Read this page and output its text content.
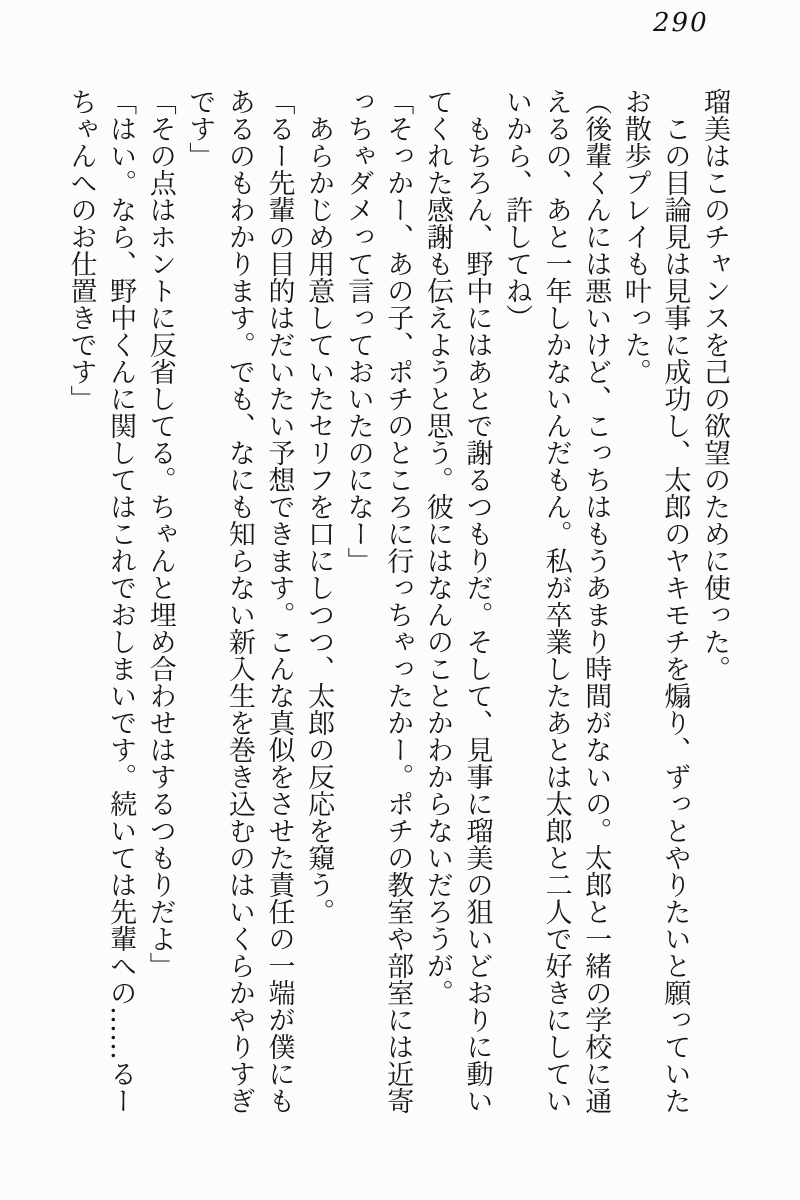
290

瑠美はこのチャンスを己の欲望のために使った。

この目論見は見事に成功し、太郎のヤキモチを煽り、ずっとやりたいと願っていた

お散歩プレイも叶った。

（後輩くんには悪いけど、こっちはもうあまり時間がないの。太郎と一緒の学校に通

えるの、あと一年しかないんだもん。私が卒業したあとは太郎と二人で好きにしてい

いから、許してね）

もちろん、野中にはあとで謝るつもりだ。そして、見事に瑠美の狙いどおりに動い

てくれた感謝も伝えようと思う。彼にはなんのことかわからないだろうが。

「そっかー、あの子、ポチのところに行っちゃったかー。ポチの教室や部室には近寄

っちゃダメって言っておいたのになー」

あらかじめ用意していたセリフを口にしつつ、太郎の反応を窺う。

「るー先輩の目的はだいたい予想できます。こんな真似をさせた責任の一端が僕にも

あるのもわかります。でも、なにも知らない新入生を巻き込むのはいくらかやりすぎ

です」

「その点はホントに反省してる。ちゃんと埋め合わせはするつもりだよ」

「はい。なら、野中くんに関してはこれでおしまいです。続いては先輩への……るー

ちゃんへのお仕置きです」
